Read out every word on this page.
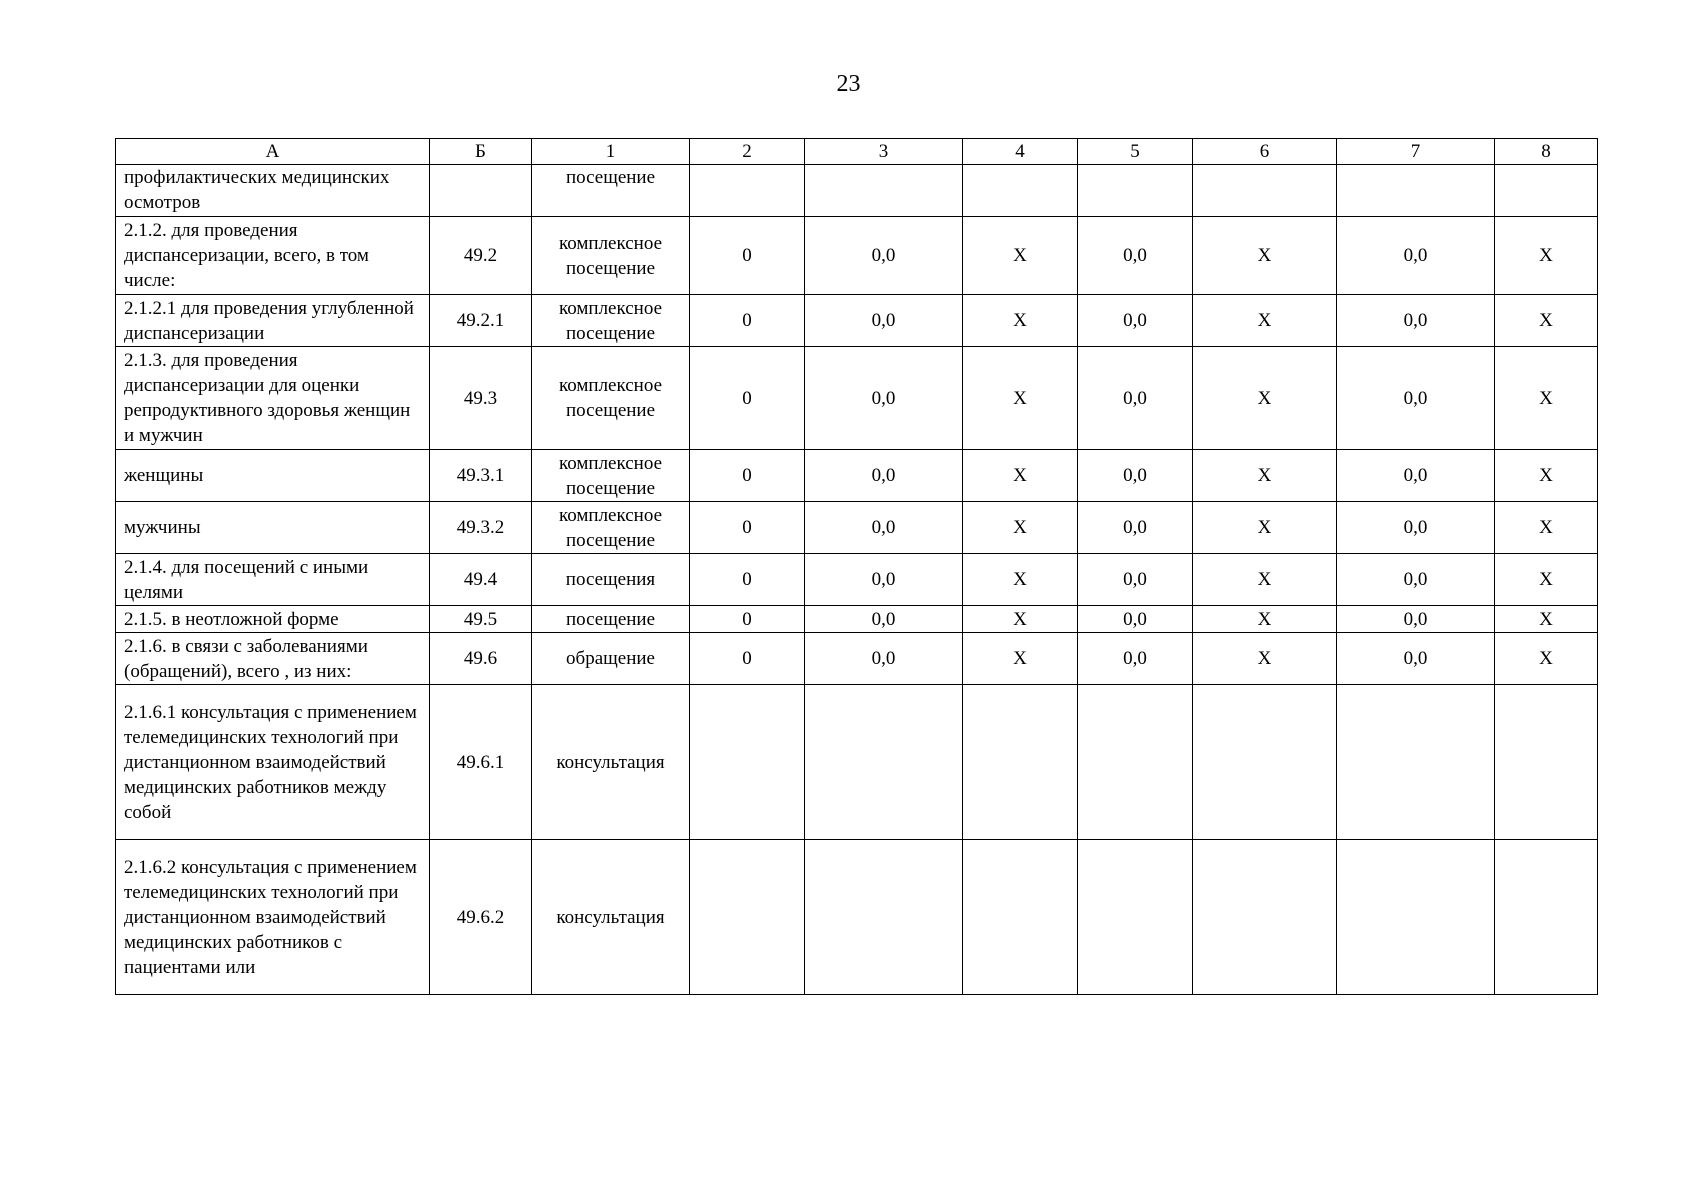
23
А	Б	1	2	3	4	5	6	7	8
профилактических медицинских осмотров		посещение							
2.1.2. для проведения диспансеризации, всего, в том числе:	49.2	комплексное посещение	0	0,0	Х	0,0	Х	0,0	Х
2.1.2.1 для проведения углубленной диспансеризации	49.2.1	комплексное посещение	0	0,0	Х	0,0	Х	0,0	Х
2.1.3. для проведения диспансеризации для оценки репродуктивного здоровья женщин и мужчин	49.3	комплексное посещение	0	0,0	Х	0,0	Х	0,0	Х
женщины	49.3.1	комплексное посещение	0	0,0	Х	0,0	Х	0,0	Х
мужчины	49.3.2	комплексное посещение	0	0,0	Х	0,0	Х	0,0	Х
2.1.4. для посещений с иными целями	49.4	посещения	0	0,0	Х	0,0	Х	0,0	Х
2.1.5. в неотложной форме	49.5	посещение	0	0,0	Х	0,0	Х	0,0	Х
2.1.6. в связи с заболеваниями (обращений), всего , из них:	49.6	обращение	0	0,0	Х	0,0	Х	0,0	Х
2.1.6.1 консультация с применением телемедицинских технологий при дистанционном взаимодействий медицинских работников между собой	49.6.1	консультация							
2.1.6.2 консультация с применением телемедицинских технологий при дистанционном взаимодействий медицинских работников с пациентами или	49.6.2	консультация							
